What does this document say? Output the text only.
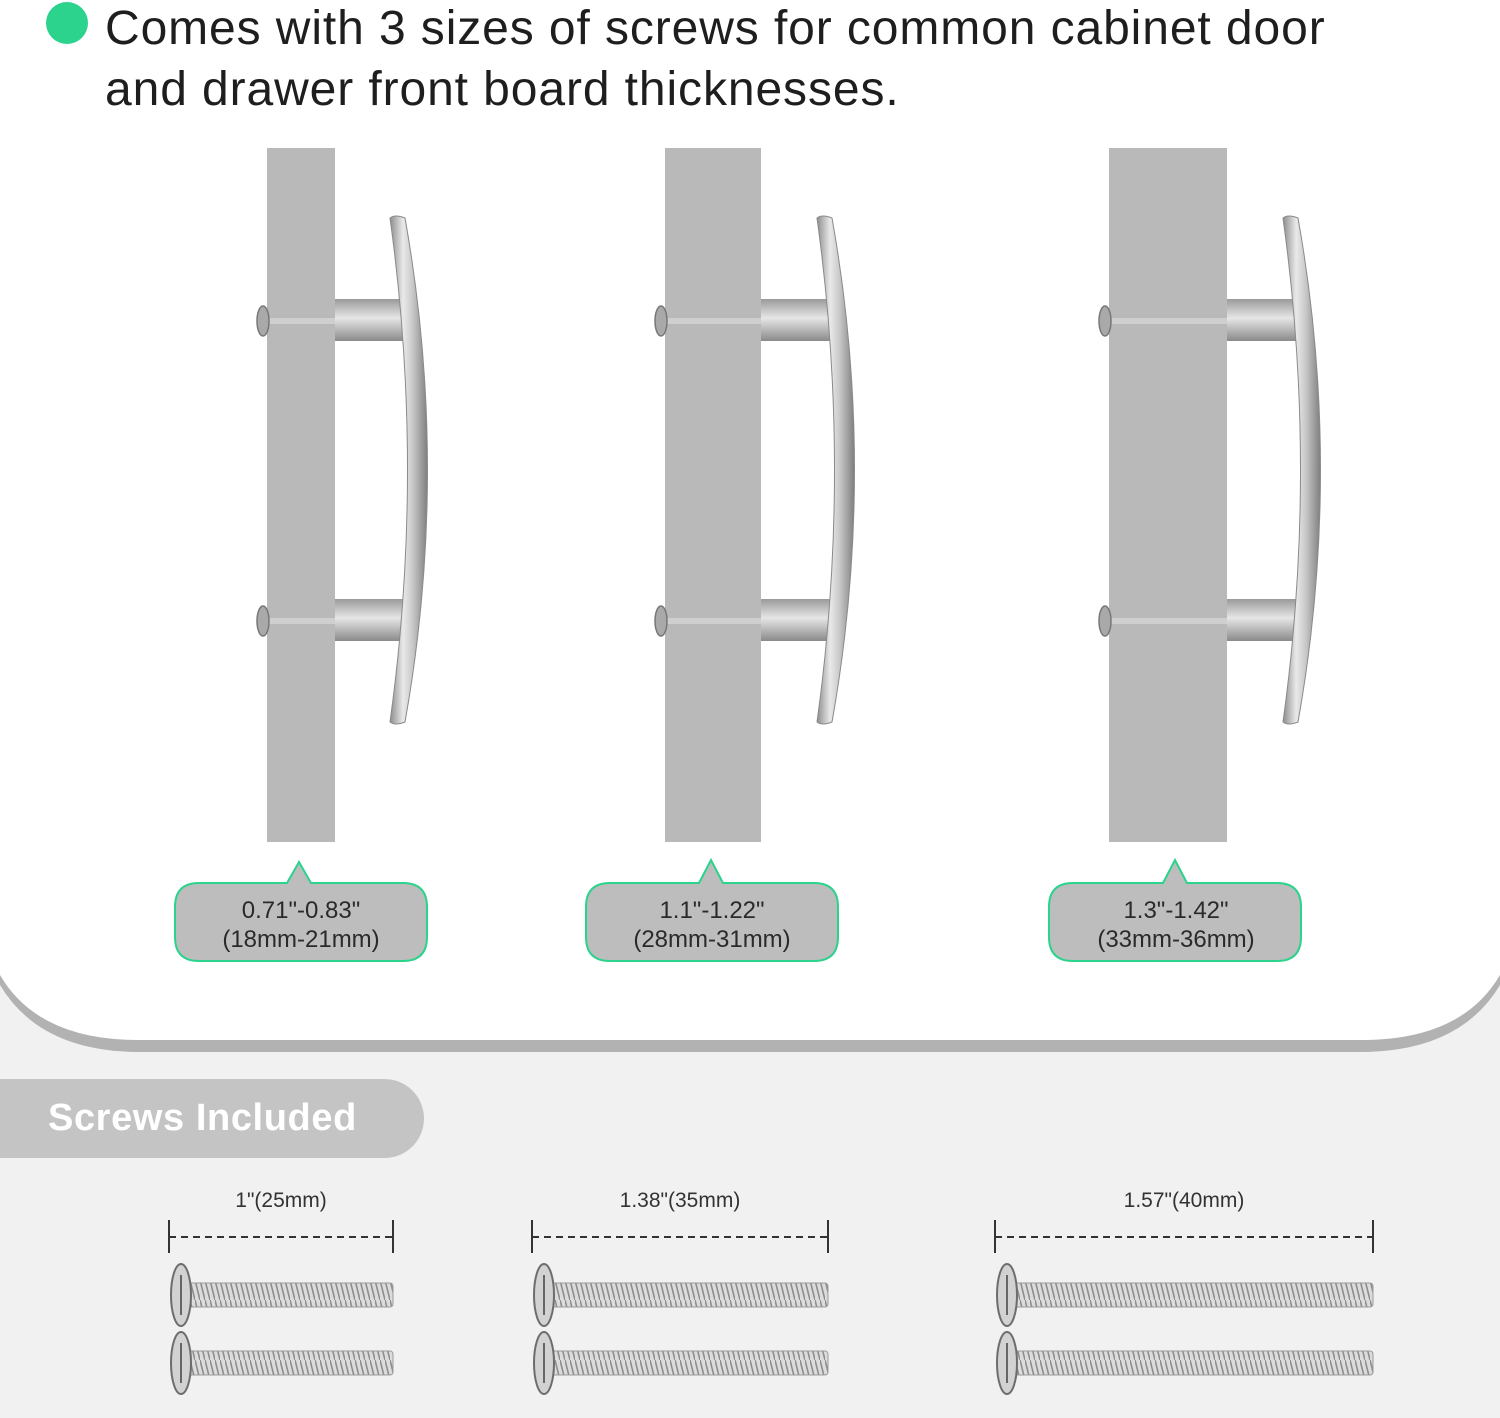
0.71"-0.83"
(18mm-21mm)
1.1"-1.22"
(28mm-31mm)
1.3"-1.42"
(33mm-36mm)
Comes with 3 sizes of screws for common cabinet door
and drawer front board thicknesses.
Screws Included
1"(25mm)	1.38"(35mm)	1.57"(40mm)
